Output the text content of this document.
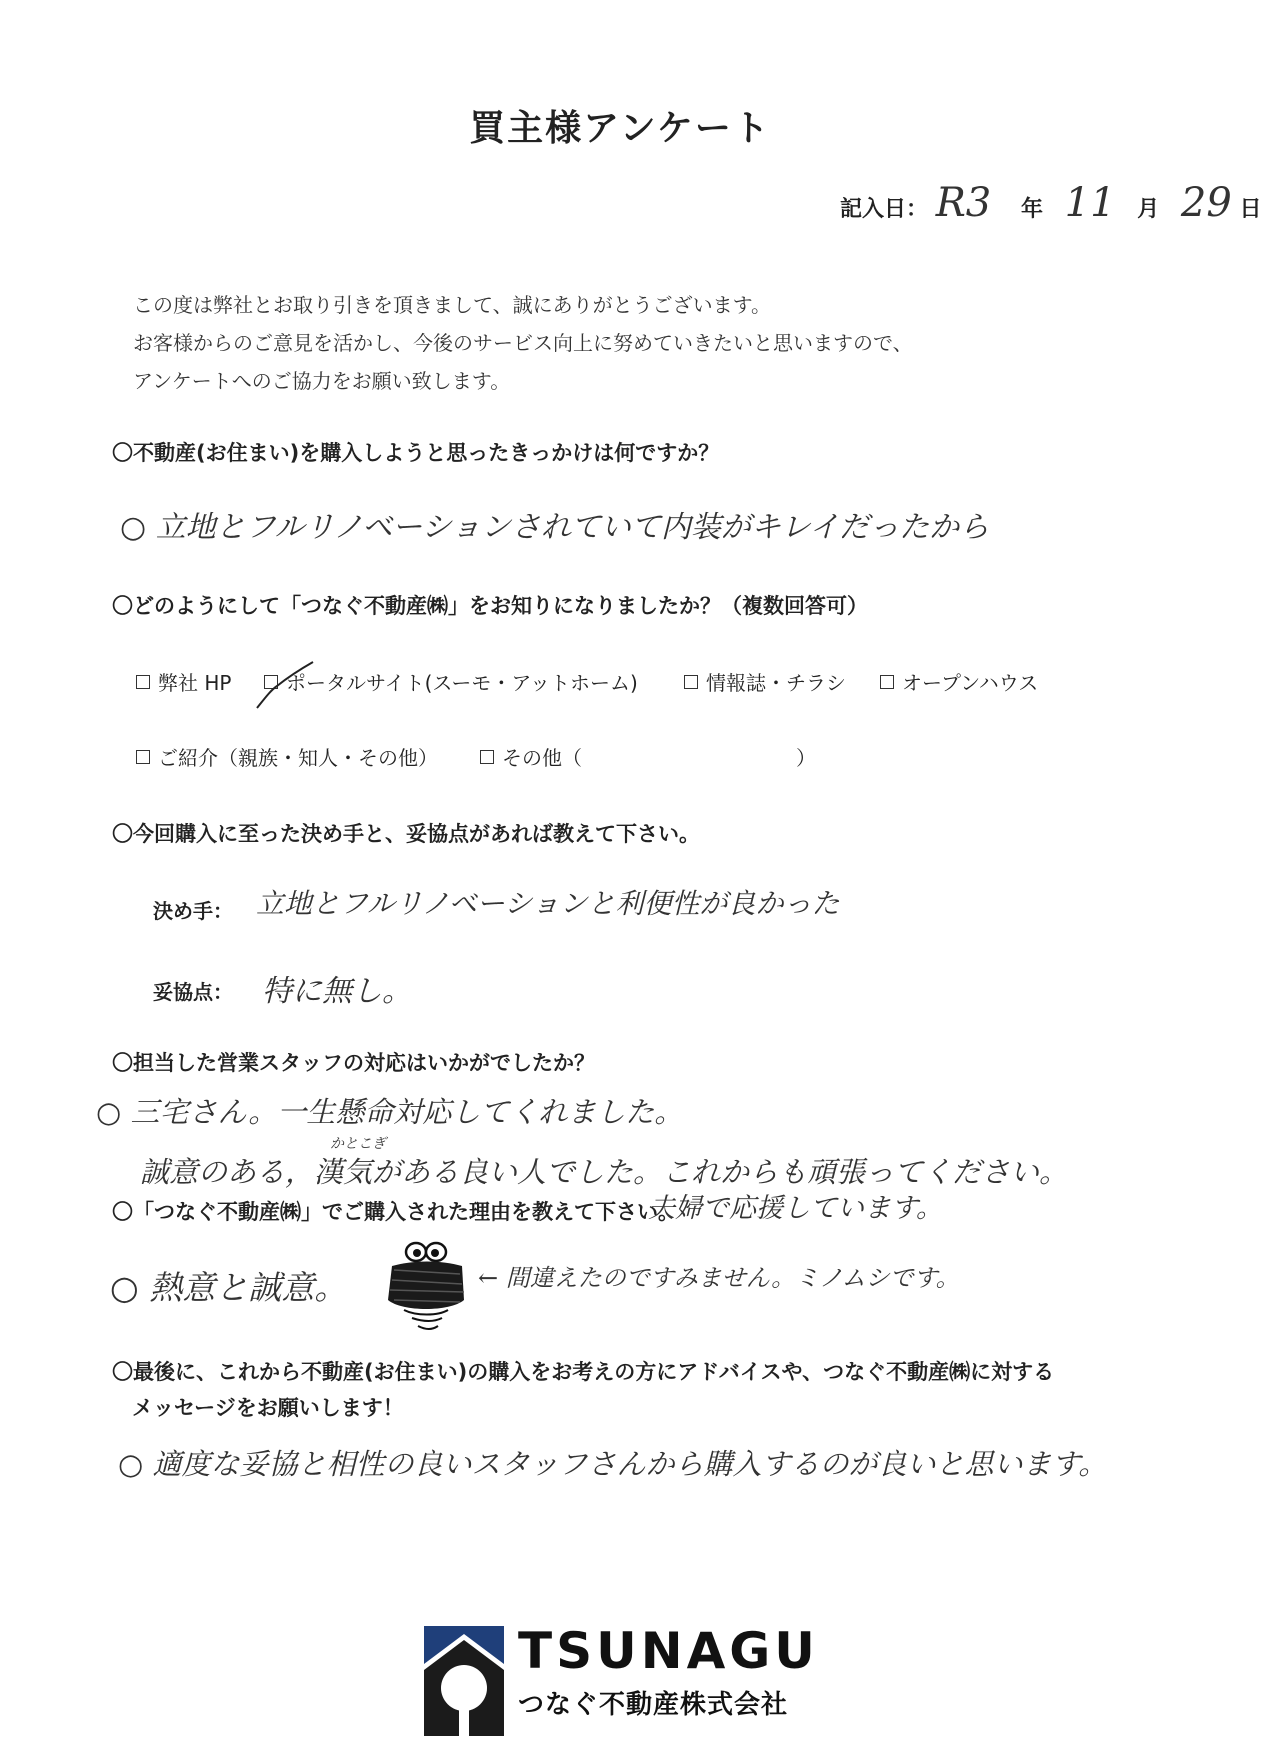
買主様アンケート
記入日： R3 年 11 月 29 日
この度は弊社とお取り引きを頂きまして、誠にありがとうございます。
お客様からのご意見を活かし、今後のサービス向上に努めていきたいと思いますので、
アンケートへのご協力をお願い致します。
〇不動産(お住まい)を購入しようと思ったきっかけは何ですか？
○ 立地とフルリノベーションされていて内装がキレイだったから
〇どのようにして「つなぐ不動産㈱」をお知りになりましたか？（複数回答可）
弊社 HP	ポータルサイト(スーモ・アットホーム)	情報誌・チラシ	オープンハウス
ご紹介（親族・知人・その他）	その他（	）
〇今回購入に至った決め手と、妥協点があれば教えて下さい。
決め手： 立地とフルリノベーションと利便性が良かった
妥協点： 特に無し。
〇担当した営業スタッフの対応はいかがでしたか？
○ 三宅さん。一生懸命対応してくれました。
かとこぎ
誠意のある，漢気がある良い人でした。これからも頑張ってください。
夫婦で応援しています。
〇「つなぐ不動産㈱」でご購入された理由を教えて下さい。
○ 熱意と誠意。	← 間違えたのですみません。ミノムシです。
〇最後に、これから不動産(お住まい)の購入をお考えの方にアドバイスや、つなぐ不動産㈱に対する
メッセージをお願いします！
○ 適度な妥協と相性の良いスタッフさんから購入するのが良いと思います。
TSUNAGU
つなぐ不動産株式会社
